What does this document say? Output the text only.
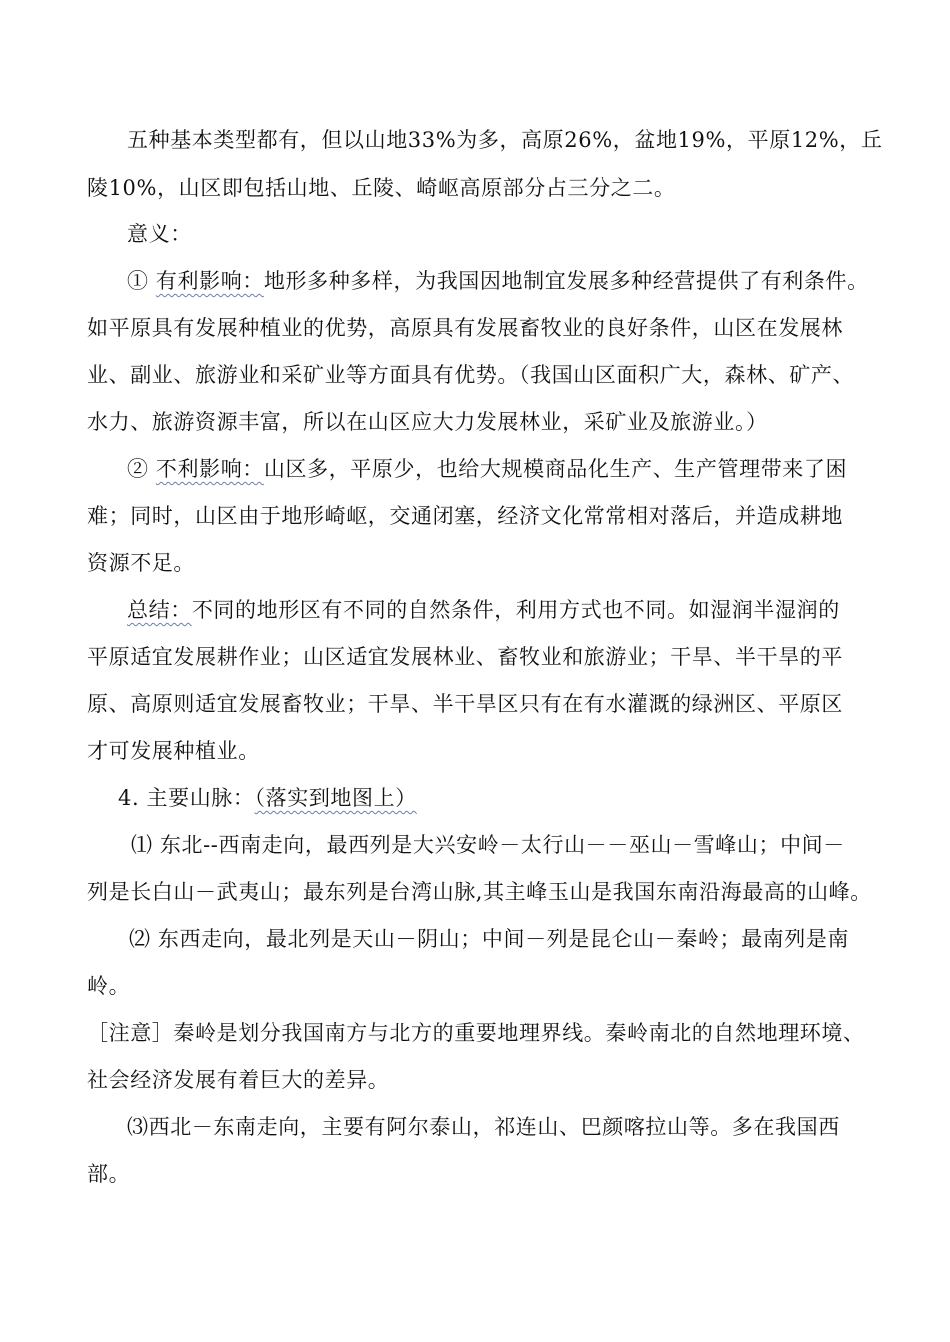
五种基本类型都有，但以山地33%为多，高原26%，盆地19%，平原12%，丘
陵10%，山区即包括山地、丘陵、崎岖高原部分占三分之二。
意义：
① 有利影响：地形多种多样，为我国因地制宜发展多种经营提供了有利条件。
如平原具有发展种植业的优势，高原具有发展畜牧业的良好条件，山区在发展林
业、副业、旅游业和采矿业等方面具有优势。（我国山区面积广大，森林、矿产、
水力、旅游资源丰富，所以在山区应大力发展林业，采矿业及旅游业。）
② 不利影响：山区多，平原少，也给大规模商品化生产、生产管理带来了困
难；同时，山区由于地形崎岖，交通闭塞，经济文化常常相对落后，并造成耕地
资源不足。
总结：不同的地形区有不同的自然条件，利用方式也不同。如湿润半湿润的
平原适宜发展耕作业；山区适宜发展林业、畜牧业和旅游业；干旱、半干旱的平
原、高原则适宜发展畜牧业；干旱、半干旱区只有在有水灌溉的绿洲区、平原区
才可发展种植业。
4. 主要山脉：（落实到地图上）
⑴ 东北--西南走向，最西列是大兴安岭－太行山－－巫山－雪峰山；中间－
列是长白山－武夷山；最东列是台湾山脉,其主峰玉山是我国东南沿海最高的山峰。
⑵ 东西走向，最北列是天山－阴山；中间－列是昆仑山－秦岭；最南列是南
岭。
［注意］秦岭是划分我国南方与北方的重要地理界线。秦岭南北的自然地理环境、
社会经济发展有着巨大的差异。
⑶西北－东南走向，主要有阿尔泰山，祁连山、巴颜喀拉山等。多在我国西
部。
